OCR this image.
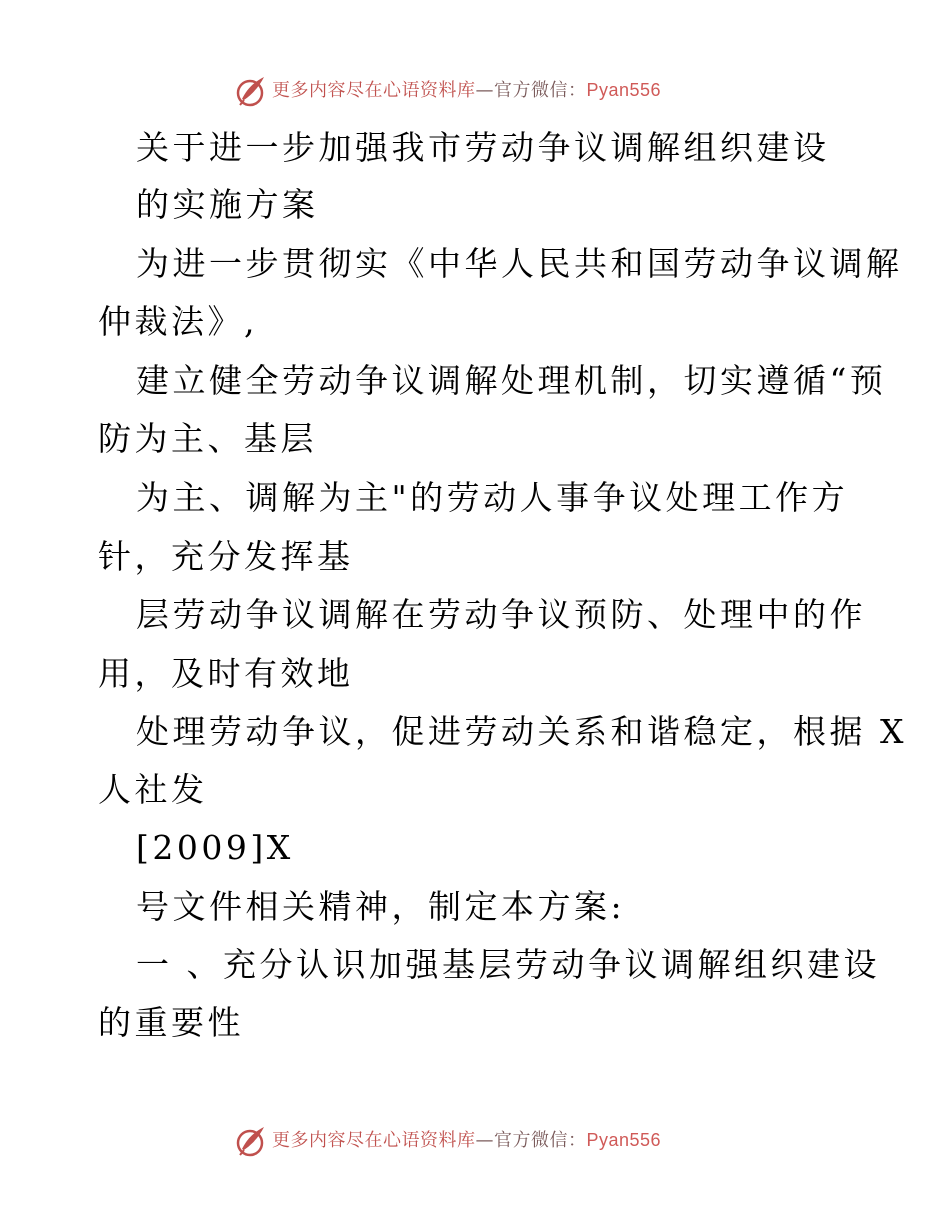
更多内容尽在心语资料库—官方微信：Pyan556
关于进一步加强我市劳动争议调解组织建设
的实施方案
为进一步贯彻实《中华人民共和国劳动争议调解
仲裁法》,
建立健全劳动争议调解处理机制，切实遵循“预
防为主、基层
为主、调解为主"的劳动人事争议处理工作方
针，充分发挥基
层劳动争议调解在劳动争议预防、处理中的作
用，及时有效地
处理劳动争议，促进劳动关系和谐稳定，根据 X
人社发
[2009]X
号文件相关精神，制定本方案:
一 、充分认识加强基层劳动争议调解组织建设
的重要性
更多内容尽在心语资料库—官方微信：Pyan556
